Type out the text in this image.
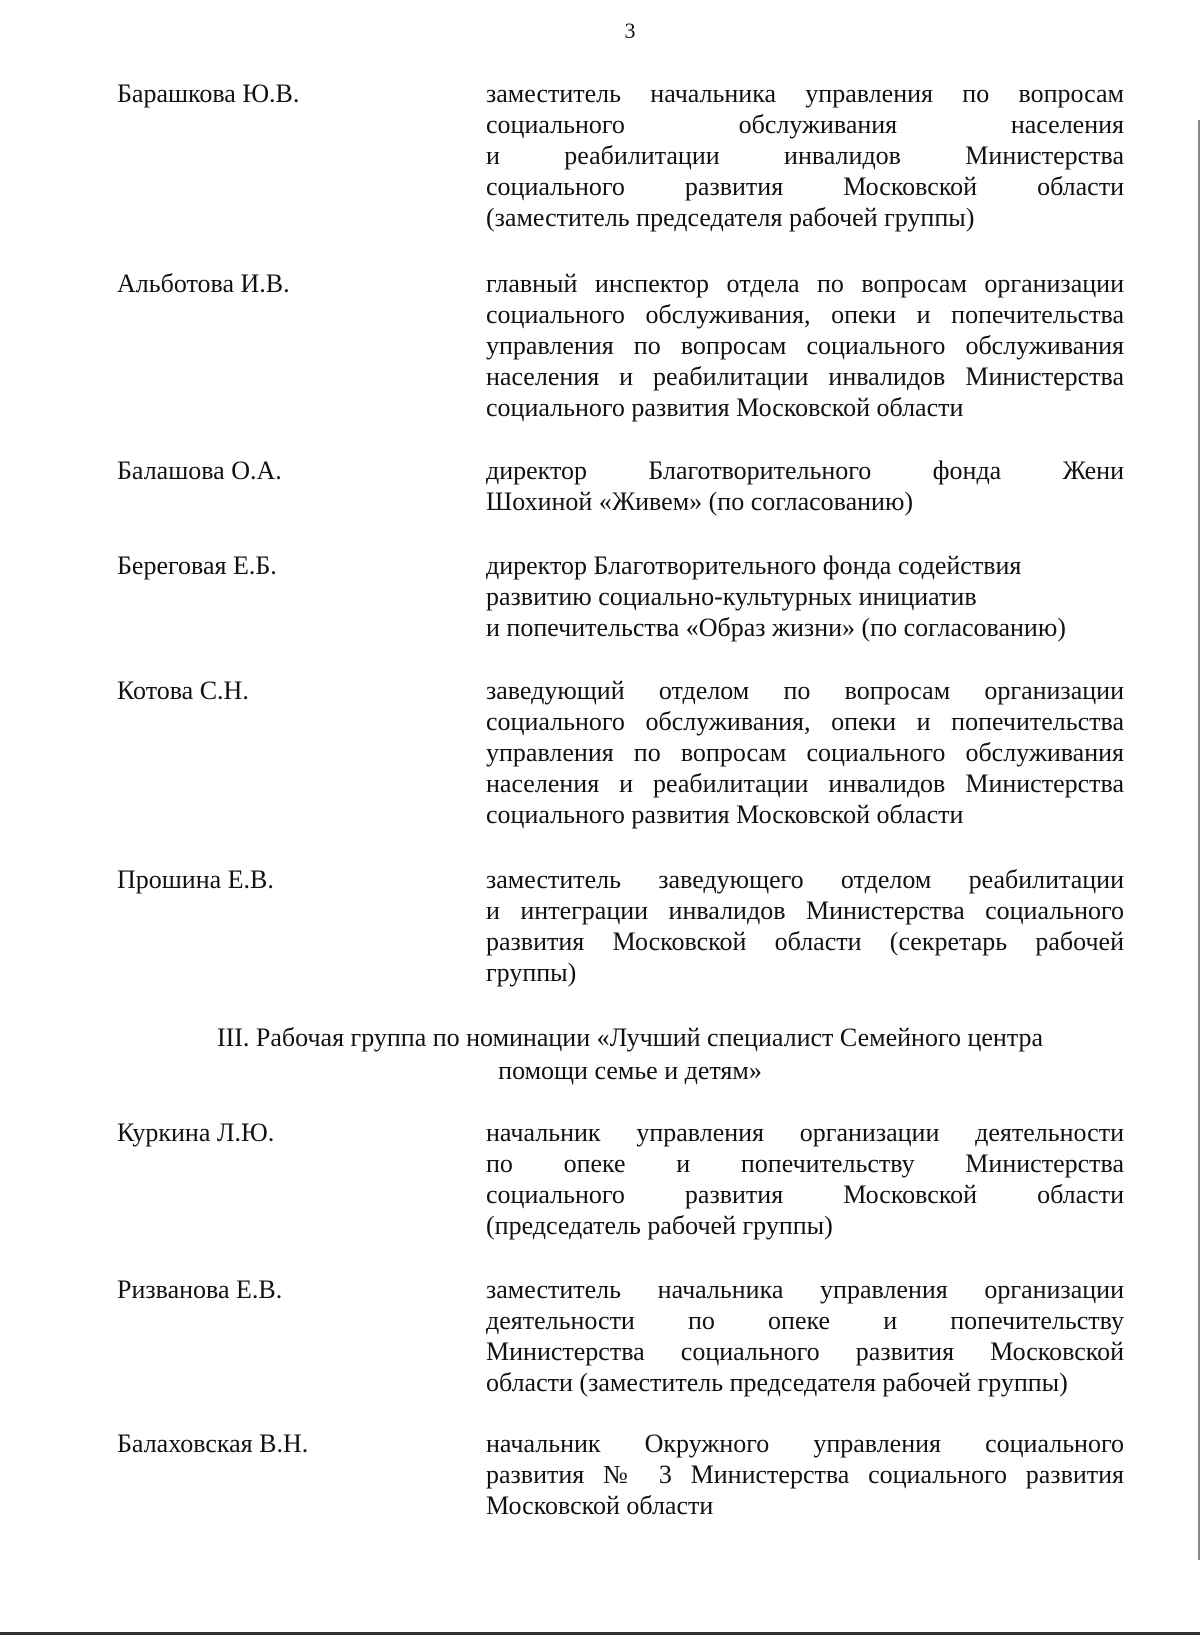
3
Барашкова Ю.В.	заместитель начальника управления по вопросам
социального обслуживания населения
и реабилитации инвалидов Министерства
социального развития Московской области
(заместитель председателя рабочей группы)
Альботова И.В.	главный инспектор отдела по вопросам организации
социального обслуживания, опеки и попечительства
управления по вопросам социального обслуживания
населения и реабилитации инвалидов Министерства
социального развития Московской области
Балашова О.А.	директор Благотворительного фонда Жени
Шохиной «Живем» (по согласованию)
Береговая Е.Б.	директор Благотворительного фонда содействия
развитию социально-культурных инициатив
и попечительства «Образ жизни» (по согласованию)
Котова С.Н.	заведующий отделом по вопросам организации
социального обслуживания, опеки и попечительства
управления по вопросам социального обслуживания
населения и реабилитации инвалидов Министерства
социального развития Московской области
Прошина Е.В.	заместитель заведующего отделом реабилитации
и интеграции инвалидов Министерства социального
развития Московской области (секретарь рабочей
группы)
III. Рабочая группа по номинации «Лучший специалист Семейного центра
помощи семье и детям»
Куркина Л.Ю.	начальник управления организации деятельности
по опеке и попечительству Министерства
социального развития Московской области
(председатель рабочей группы)
Ризванова Е.В.	заместитель начальника управления организации
деятельности по опеке и попечительству
Министерства социального развития Московской
области (заместитель председателя рабочей группы)
Балаховская В.Н.	начальник Окружного управления социального
развития № 3 Министерства социального развития
Московской области
